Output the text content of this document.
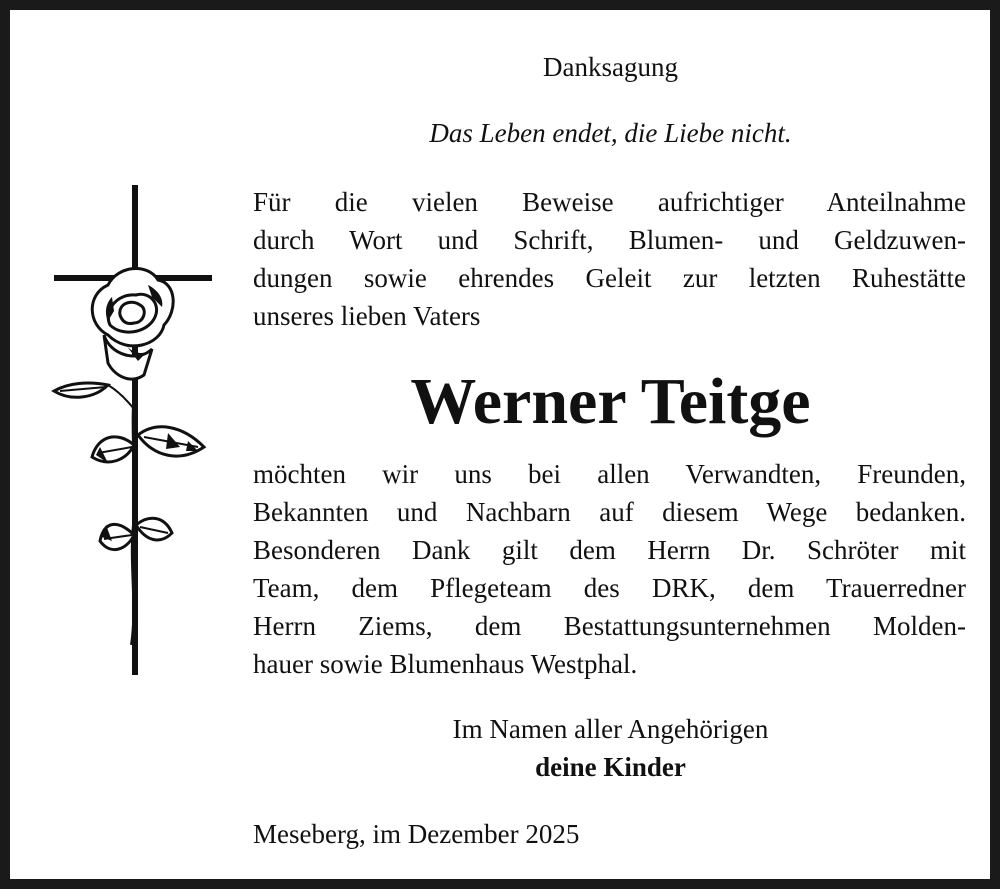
Danksagung
Das Leben endet, die Liebe nicht.
Für die vielen Beweise aufrichtiger Anteilnahme
durch Wort und Schrift, Blumen- und Geldzuwen-
dungen sowie ehrendes Geleit zur letzten Ruhestätte
unseres lieben Vaters
Werner Teitge
möchten wir uns bei allen Verwandten, Freunden,
Bekannten und Nachbarn auf diesem Wege bedanken.
Besonderen Dank gilt dem Herrn Dr. Schröter mit
Team, dem Pflegeteam des DRK, dem Trauerredner
Herrn Ziems, dem Bestattungsunternehmen Molden-
hauer sowie Blumenhaus Westphal.
Im Namen aller Angehörigen
deine Kinder
Meseberg, im Dezember 2025
